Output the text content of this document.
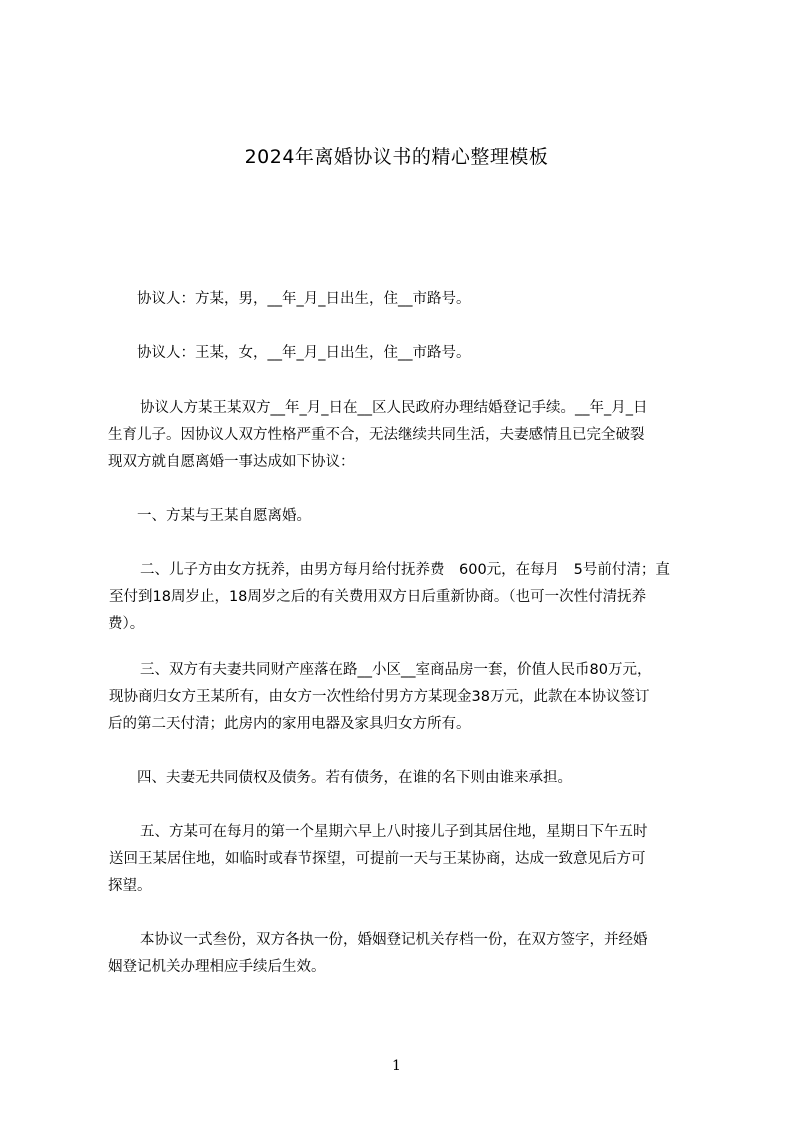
2024年离婚协议书的精心整理模板
协议人：方某，男，__年_月_日出生，住__市路号。
协议人：王某，女，__年_月_日出生，住__市路号。
协议人方某王某双方__年_月_日在__区人民政府办理结婚登记手续。__年_月_日
生育儿子。因协议人双方性格严重不合，无法继续共同生活，夫妻感情且已完全破裂
现双方就自愿离婚一事达成如下协议：
一、方某与王某自愿离婚。
二、儿子方由女方抚养，由男方每月给付抚养费　600元，在每月　5号前付清；直
至付到18周岁止，18周岁之后的有关费用双方日后重新协商。（也可一次性付清抚养
费）。
三、双方有夫妻共同财产座落在路__小区__室商品房一套，价值人民币80万元，
现协商归女方王某所有，由女方一次性给付男方方某现金38万元，此款在本协议签订
后的第二天付清；此房内的家用电器及家具归女方所有。
四、夫妻无共同债权及债务。若有债务，在谁的名下则由谁来承担。
五、方某可在每月的第一个星期六早上八时接儿子到其居住地，星期日下午五时
送回王某居住地，如临时或春节探望，可提前一天与王某协商，达成一致意见后方可
探望。
本协议一式叁份，双方各执一份，婚姻登记机关存档一份，在双方签字，并经婚
姻登记机关办理相应手续后生效。
1
